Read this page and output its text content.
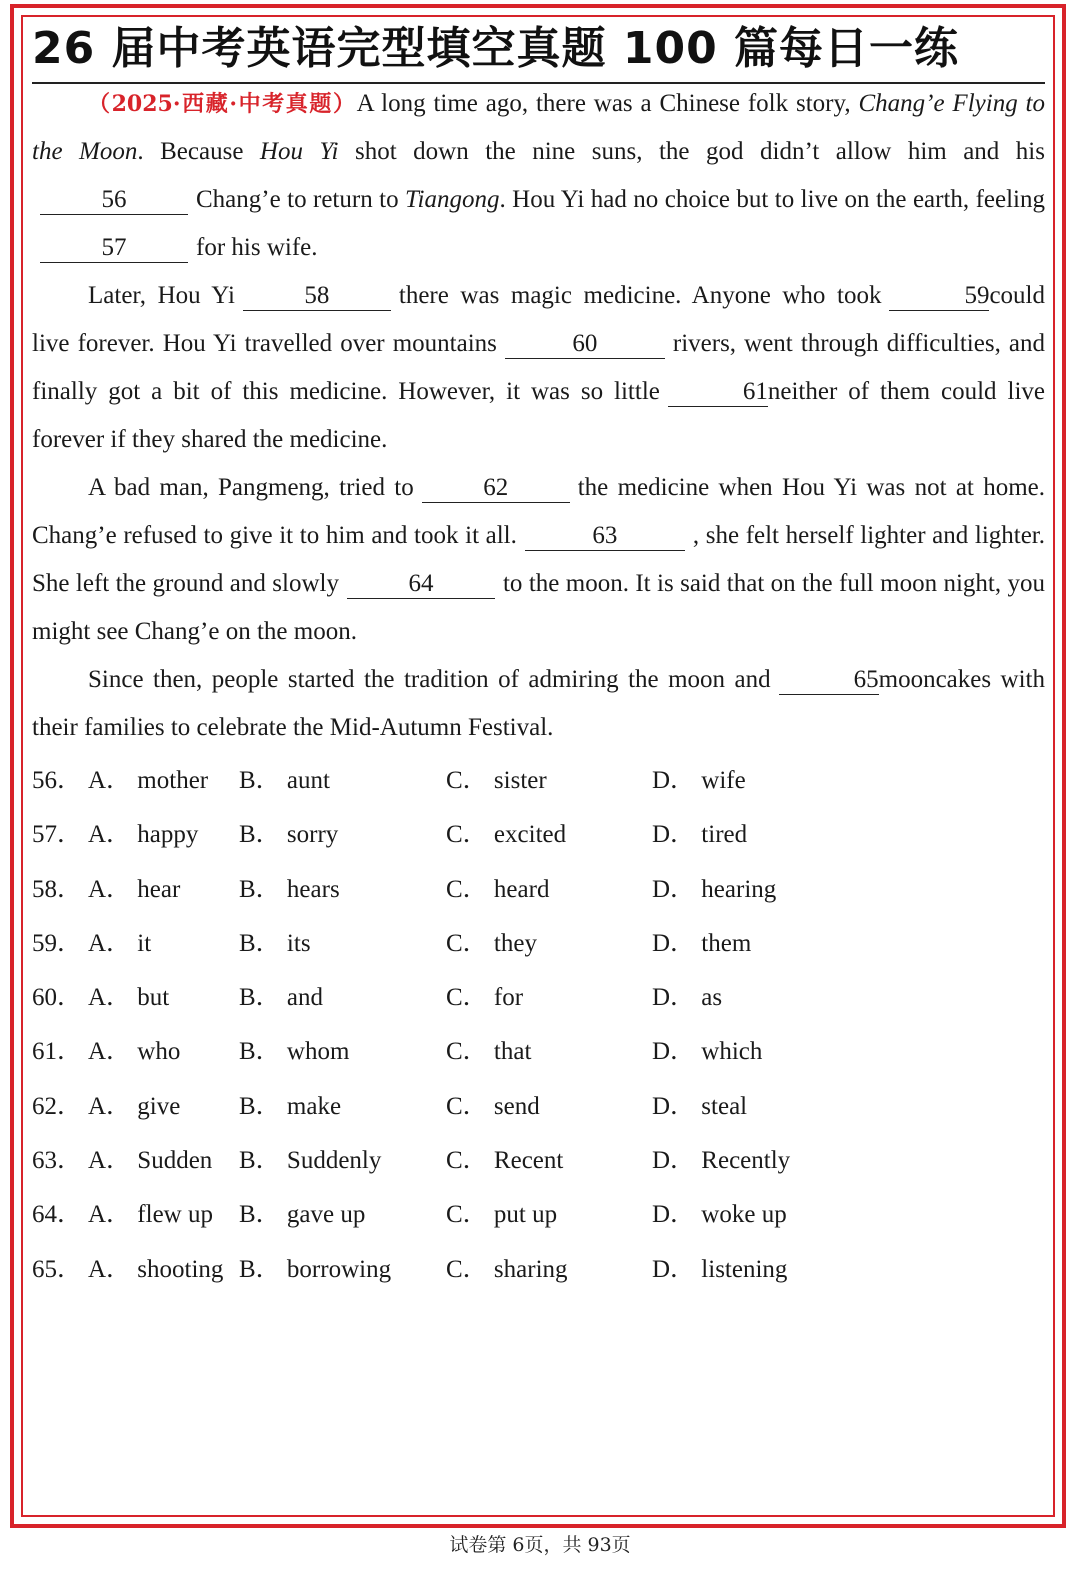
26 届中考英语完型填空真题 100 篇每日一练

（2025·西藏·中考真题）A long time ago, there was a Chinese folk story, Chang’e Flying to the Moon. Because Hou Yi shot down the nine suns, the god didn’t allow him and his56	Chang’e to return to Tiangong. Hou Yi had no choice but to live on the earth, feeling57	for his wife.

Later, Hou Yi	58	there was magic medicine. Anyone who took	59could live forever. Hou Yi travelled over mountains	60	rivers, went through difficulties, and finally got a bit of this medicine. However, it was so little	61neither of them could live forever if they shared the medicine.

A bad man, Pangmeng, tried to	62	the medicine when Hou Yi was not at home. Chang’e refused to give it to him and took it all.	63	, she felt herself lighter and lighter. She left the ground and slowly	64	to the moon. It is said that on the full moon night, you might see Chang’e on the moon.

Since then, people started the tradition of admiring the moon and	65mooncakes with their families to celebrate the Mid-Autumn Festival.

56． A． mother B． aunt	C． sister	D． wife
57． A． happy B． sorry	C． excited	D． tired
58． A． hear B． hears	C． heard	D． hearing
59． A． it	B． its	C． they	D． them
60． A． but	B． and	C． for	D． as
61． A． who B． whom	C． that	D． which
62． A． give B． make	C． send	D． steal
63． A． Sudden B． Suddenly	C． Recent	D． Recently
64． A． flew up B． gave up	C． put up	D． woke up
65． A． shooting B． borrowing C． sharing	D． listening
试卷第 6页，共 93页
